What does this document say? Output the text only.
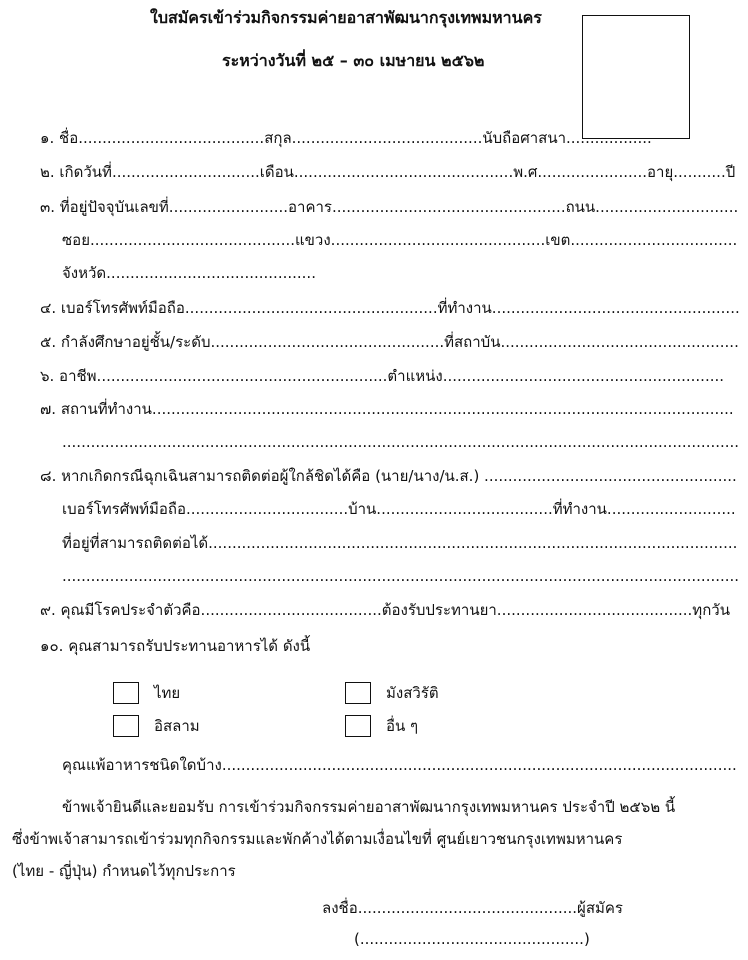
ใบสมัครเข้าร่วมกิจกรรมค่ายอาสาพัฒนากรุงเทพมหานคร
ระหว่างวันที่ ๒๕ – ๓๐ เมษายน ๒๕๖๒
๑. ชื่อ.......................................สกุล........................................นับถือศาสนา..................
๒. เกิดวันที่...............................เดือน..............................................พ.ศ.......................อายุ...........ปี
๓. ที่อยู่ปัจจุบันเลขที่.........................อาคาร.................................................ถนน..............................
ซอย...........................................แขวง.............................................เขต...................................
จังหวัด............................................
๔. เบอร์โทรศัพท์มือถือ.....................................................ที่ทำงาน....................................................
๕. กำลังศึกษาอยู่ชั้น/ระดับ.................................................ที่สถาบัน..................................................
๖. อาชีพ.............................................................ตำแหน่ง...........................................................
๗. สถานที่ทำงาน..........................................................................................................................
..............................................................................................................................................
๘. หากเกิดกรณีฉุกเฉินสามารถติดต่อผู้ใกล้ชิดได้คือ (นาย/นาง/น.ส.) .....................................................
เบอร์โทรศัพท์มือถือ..................................บ้าน.....................................ที่ทำงาน...........................
ที่อยู่ที่สามารถติดต่อได้...............................................................................................................
..............................................................................................................................................
๙. คุณมีโรคประจำตัวคือ......................................ต้องรับประทานยา.........................................ทุกวัน
๑๐. คุณสามารถรับประทานอาหารได้ ดังนี้
ไทย	มังสวิรัติ
อิสลาม	อื่น ๆ
คุณแพ้อาหารชนิดใดบ้าง............................................................................................................
ข้าพเจ้ายินดีและยอมรับ การเข้าร่วมกิจกรรมค่ายอาสาพัฒนากรุงเทพมหานคร ประจำปี ๒๕๖๒ นี้
ซึ่งข้าพเจ้าสามารถเข้าร่วมทุกกิจกรรมและพักค้างได้ตามเงื่อนไขที่ ศูนย์เยาวชนกรุงเทพมหานคร
(ไทย - ญี่ปุ่น) กำหนดไว้ทุกประการ
ลงชื่อ..............................................ผู้สมัคร
(...............................................)
